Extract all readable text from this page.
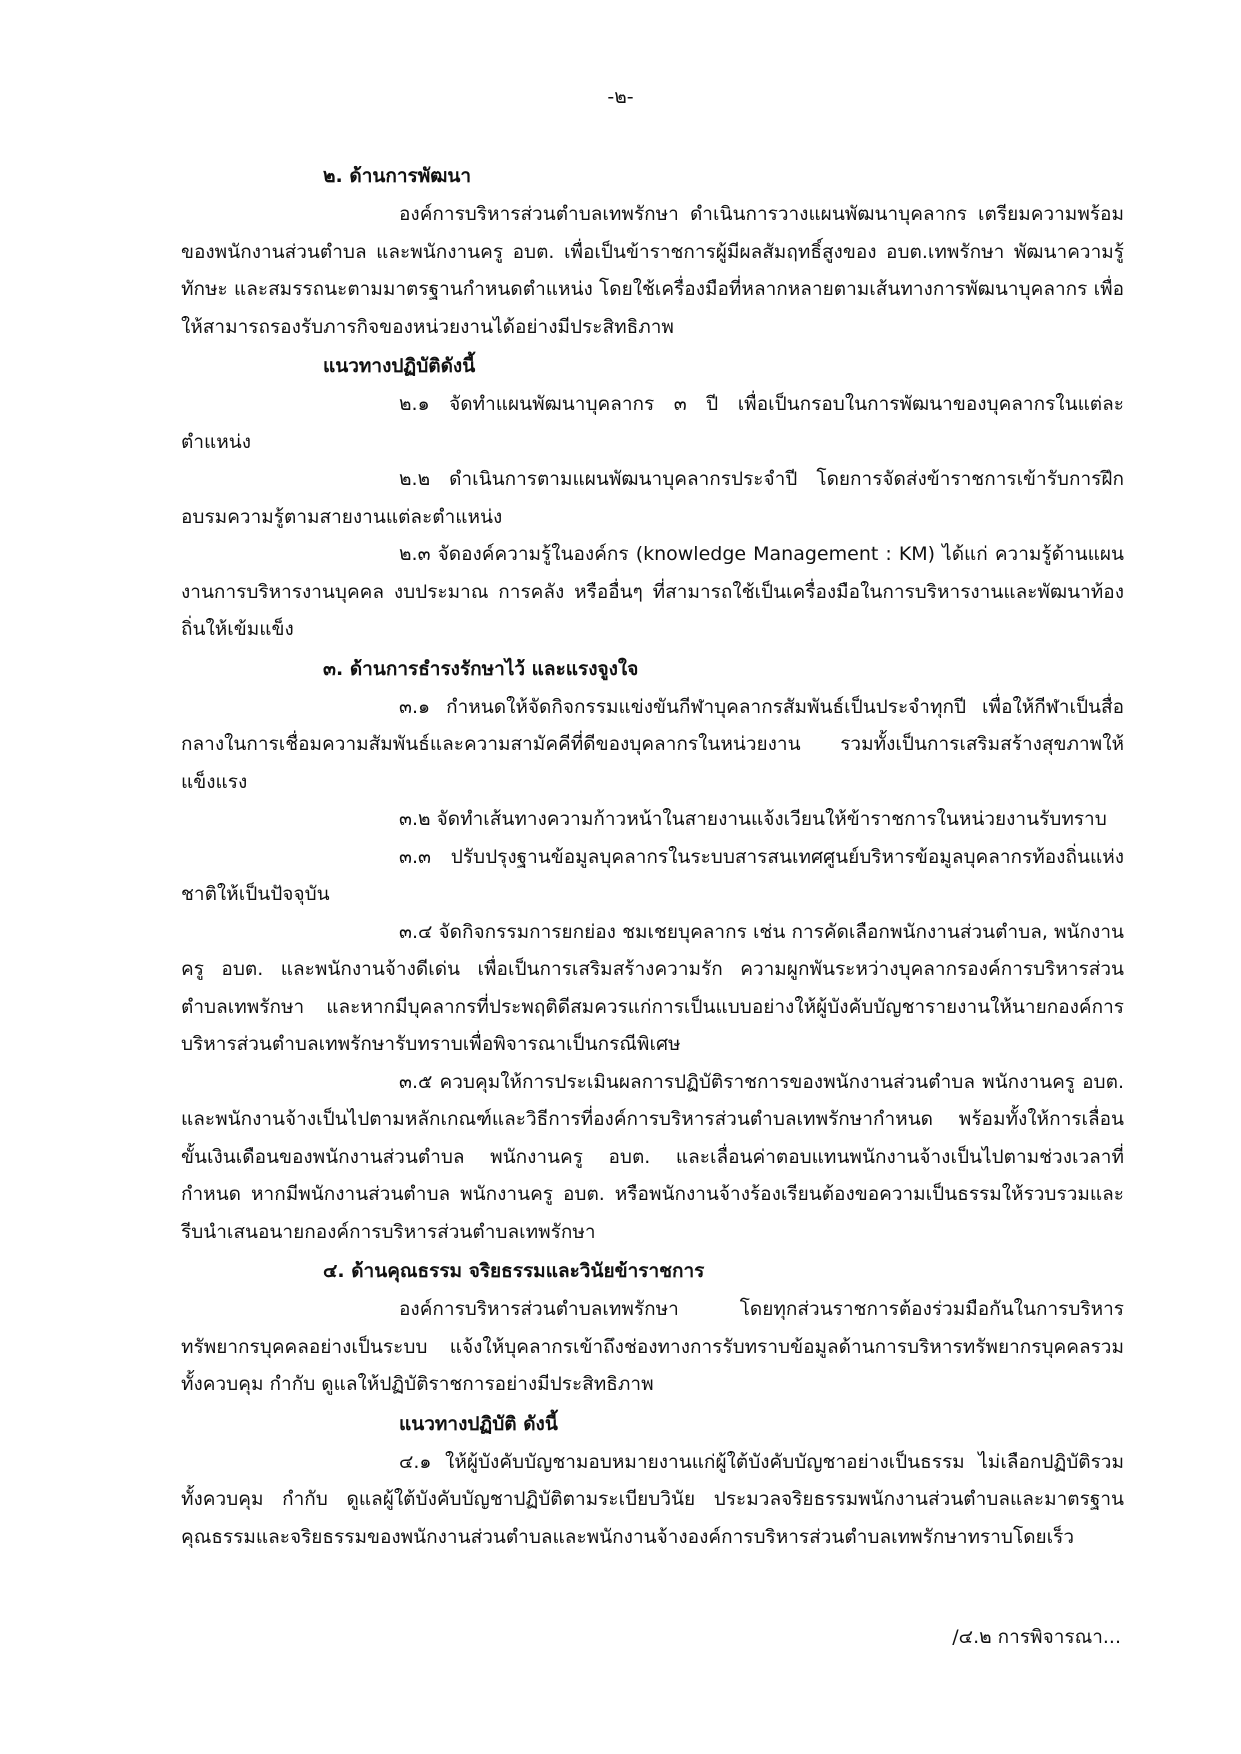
-๒-
๒. ด้านการพัฒนา

องค์การบริหารส่วนตำบลเทพรักษา ดำเนินการวางแผนพัฒนาบุคลากร เตรียมความพร้อมของพนักงานส่วนตำบล และพนักงานครู อบต. เพื่อเป็นข้าราชการผู้มีผลสัมฤทธิ์สูงของ อบต.เทพรักษา พัฒนาความรู้ ทักษะ และสมรรถนะตามมาตรฐานกำหนดตำแหน่ง โดยใช้เครื่องมือที่หลากหลายตามเส้นทางการพัฒนาบุคลากร เพื่อให้สามารถรองรับภารกิจของหน่วยงานได้อย่างมีประสิทธิภาพ

แนวทางปฏิบัติดังนี้

๒.๑ จัดทำแผนพัฒนาบุคลากร ๓ ปี เพื่อเป็นกรอบในการพัฒนาของบุคลากรในแต่ละตำแหน่ง

๒.๒ ดำเนินการตามแผนพัฒนาบุคลากรประจำปี โดยการจัดส่งข้าราชการเข้ารับการฝึกอบรมความรู้ตามสายงานแต่ละตำแหน่ง

๒.๓ จัดองค์ความรู้ในองค์กร (knowledge Management : KM) ได้แก่ ความรู้ด้านแผนงานการบริหารงานบุคคล งบประมาณ การคลัง หรืออื่นๆ ที่สามารถใช้เป็นเครื่องมือในการบริหารงานและพัฒนาท้องถิ่นให้เข้มแข็ง

๓. ด้านการธำรงรักษาไว้ และแรงจูงใจ

๓.๑ กำหนดให้จัดกิจกรรมแข่งขันกีฬาบุคลากรสัมพันธ์เป็นประจำทุกปี เพื่อให้กีฬาเป็นสื่อกลางในการเชื่อมความสัมพันธ์และความสามัคคีที่ดีของบุคลากรในหน่วยงาน รวมทั้งเป็นการเสริมสร้างสุขภาพให้แข็งแรง

๓.๒ จัดทำเส้นทางความก้าวหน้าในสายงานแจ้งเวียนให้ข้าราชการในหน่วยงานรับทราบ

๓.๓ ปรับปรุงฐานข้อมูลบุคลากรในระบบสารสนเทศศูนย์บริหารข้อมูลบุคลากรท้องถิ่นแห่งชาติให้เป็นปัจจุบัน

๓.๔ จัดกิจกรรมการยกย่อง ชมเชยบุคลากร เช่น การคัดเลือกพนักงานส่วนตำบล, พนักงานครู อบต. และพนักงานจ้างดีเด่น เพื่อเป็นการเสริมสร้างความรัก ความผูกพันระหว่างบุคลากรองค์การบริหารส่วนตำบลเทพรักษา และหากมีบุคลากรที่ประพฤติดีสมควรแก่การเป็นแบบอย่างให้ผู้บังคับบัญชารายงานให้นายกองค์การบริหารส่วนตำบลเทพรักษารับทราบเพื่อพิจารณาเป็นกรณีพิเศษ

๓.๕ ควบคุมให้การประเมินผลการปฏิบัติราชการของพนักงานส่วนตำบล พนักงานครู อบต. และพนักงานจ้างเป็นไปตามหลักเกณฑ์และวิธีการที่องค์การบริหารส่วนตำบลเทพรักษากำหนด พร้อมทั้งให้การเลื่อนขั้นเงินเดือนของพนักงานส่วนตำบล พนักงานครู อบต. และเลื่อนค่าตอบแทนพนักงานจ้างเป็นไปตามช่วงเวลาที่กำหนด หากมีพนักงานส่วนตำบล พนักงานครู อบต. หรือพนักงานจ้างร้องเรียนต้องขอความเป็นธรรมให้รวบรวมและรีบนำเสนอนายกองค์การบริหารส่วนตำบลเทพรักษา

๔. ด้านคุณธรรม จริยธรรมและวินัยข้าราชการ

องค์การบริหารส่วนตำบลเทพรักษา โดยทุกส่วนราชการต้องร่วมมือกันในการบริหารทรัพยากรบุคคลอย่างเป็นระบบ แจ้งให้บุคลากรเข้าถึงช่องทางการรับทราบข้อมูลด้านการบริหารทรัพยากรบุคคลรวมทั้งควบคุม กำกับ ดูแลให้ปฏิบัติราชการอย่างมีประสิทธิภาพ

แนวทางปฏิบัติ ดังนี้

๔.๑ ให้ผู้บังคับบัญชามอบหมายงานแก่ผู้ใต้บังคับบัญชาอย่างเป็นธรรม ไม่เลือกปฏิบัติรวมทั้งควบคุม กำกับ ดูแลผู้ใต้บังคับบัญชาปฏิบัติตามระเบียบวินัย ประมวลจริยธรรมพนักงานส่วนตำบลและมาตรฐานคุณธรรมและจริยธรรมของพนักงานส่วนตำบลและพนักงานจ้างองค์การบริหารส่วนตำบลเทพรักษาทราบโดยเร็ว

/๔.๒ การพิจารณา...
